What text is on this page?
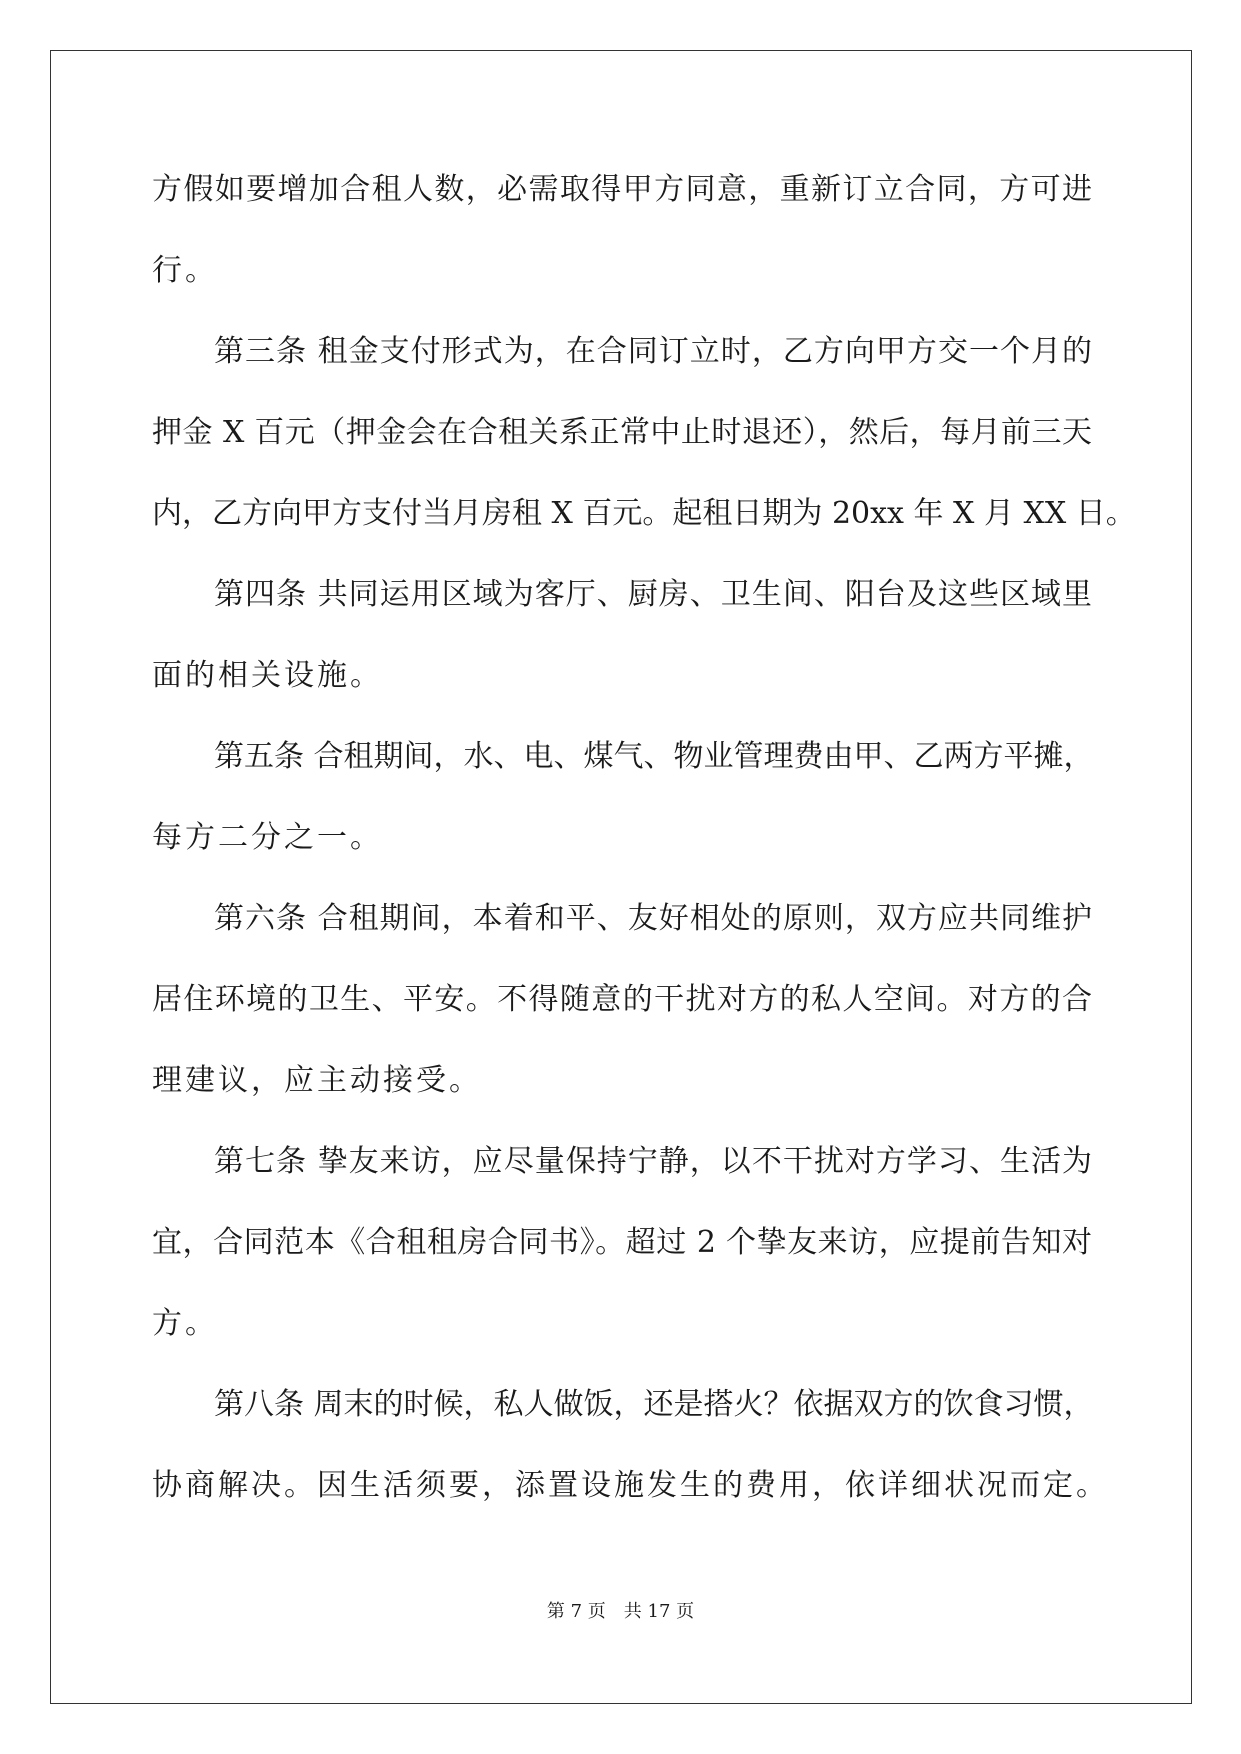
方假如要增加合租人数，必需取得甲方同意，重新订立合同，方可进
行。
第三条 租金支付形式为，在合同订立时，乙方向甲方交一个月的
押金 X 百元（押金会在合租关系正常中止时退还），然后，每月前三天
内，乙方向甲方支付当月房租 X 百元。起租日期为 20xx 年 X 月 XX 日。
第四条 共同运用区域为客厅、厨房、卫生间、阳台及这些区域里
面的相关设施。
第五条 合租期间，水、电、煤气、物业管理费由甲、乙两方平摊，
每方二分之一。
第六条 合租期间，本着和平、友好相处的原则，双方应共同维护
居住环境的卫生、平安。不得随意的干扰对方的私人空间。对方的合
理建议，应主动接受。
第七条 挚友来访，应尽量保持宁静，以不干扰对方学习、生活为
宜，合同范本《合租租房合同书》。超过 2 个挚友来访，应提前告知对
方。
第八条 周末的时候，私人做饭，还是搭火？依据双方的饮食习惯，
协商解决。因生活须要，添置设施发生的费用，依详细状况而定。
第 7 页 共 17 页
